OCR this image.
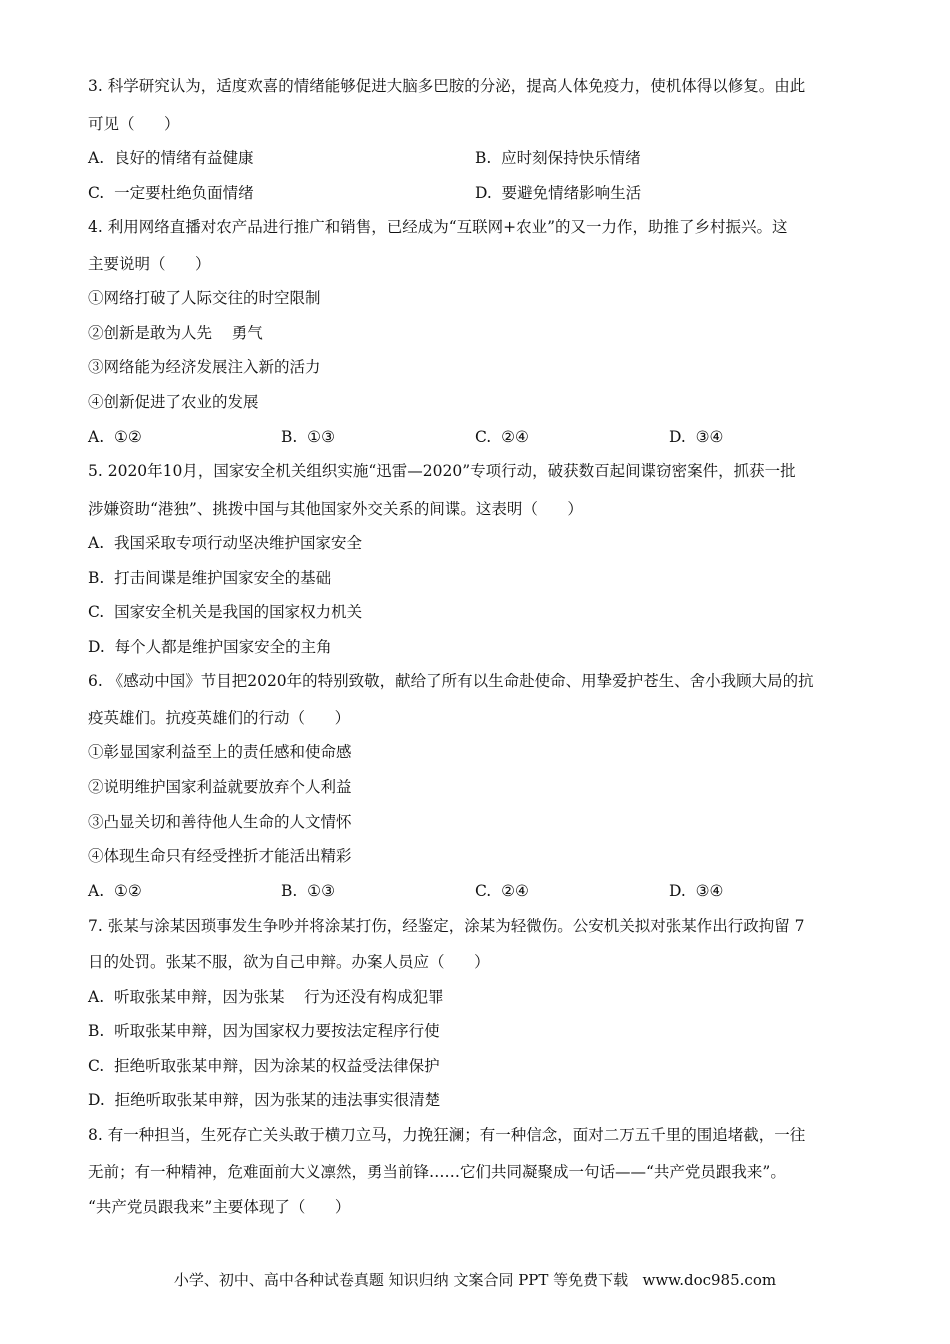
3. 科学研究认为，适度欢喜的情绪能够促进大脑多巴胺的分泌，提高人体免疫力，使机体得以修复。由此
可见（      ）
A.  良好的情绪有益健康	B.  应时刻保持快乐情绪
C.  一定要杜绝负面情绪	D.  要避免情绪影响生活
4. 利用网络直播对农产品进行推广和销售，已经成为“互联网+农业”的又一力作，助推了乡村振兴。这
主要说明（      ）
①网络打破了人际交往的时空限制
②创新是敢为人先    勇气
③网络能为经济发展注入新的活力
④创新促进了农业的发展
A.  ①②	B.  ①③	C.  ②④	D.  ③④
5. 2020年10月，国家安全机关组织实施“迅雷—2020”专项行动，破获数百起间谍窃密案件，抓获一批
涉嫌资助“港独”、挑拨中国与其他国家外交关系的间谍。这表明（      ）
A.  我国采取专项行动坚决维护国家安全
B.  打击间谍是维护国家安全的基础
C.  国家安全机关是我国的国家权力机关
D.  每个人都是维护国家安全的主角
6. 《感动中国》节目把2020年的特别致敬，献给了所有以生命赴使命、用挚爱护苍生、舍小我顾大局的抗
疫英雄们。抗疫英雄们的行动（      ）
①彰显国家利益至上的责任感和使命感
②说明维护国家利益就要放弃个人利益
③凸显关切和善待他人生命的人文情怀
④体现生命只有经受挫折才能活出精彩
A.  ①②	B.  ①③	C.  ②④	D.  ③④
7. 张某与涂某因琐事发生争吵并将涂某打伤，经鉴定，涂某为轻微伤。公安机关拟对张某作出行政拘留 7
日的处罚。张某不服，欲为自己申辩。办案人员应（      ）
A.  听取张某申辩，因为张某    行为还没有构成犯罪
B.  听取张某申辩，因为国家权力要按法定程序行使
C.  拒绝听取张某申辩，因为涂某的权益受法律保护
D.  拒绝听取张某申辩，因为张某的违法事实很清楚
8. 有一种担当，生死存亡关头敢于横刀立马，力挽狂澜；有一种信念，面对二万五千里的围追堵截，一往
无前；有一种精神，危难面前大义凛然，勇当前锋……它们共同凝聚成一句话——“共产党员跟我来”。
“共产党员跟我来”主要体现了（      ）
小学、初中、高中各种试卷真题 知识归纳 文案合同 PPT 等免费下载   www.doc985.com
